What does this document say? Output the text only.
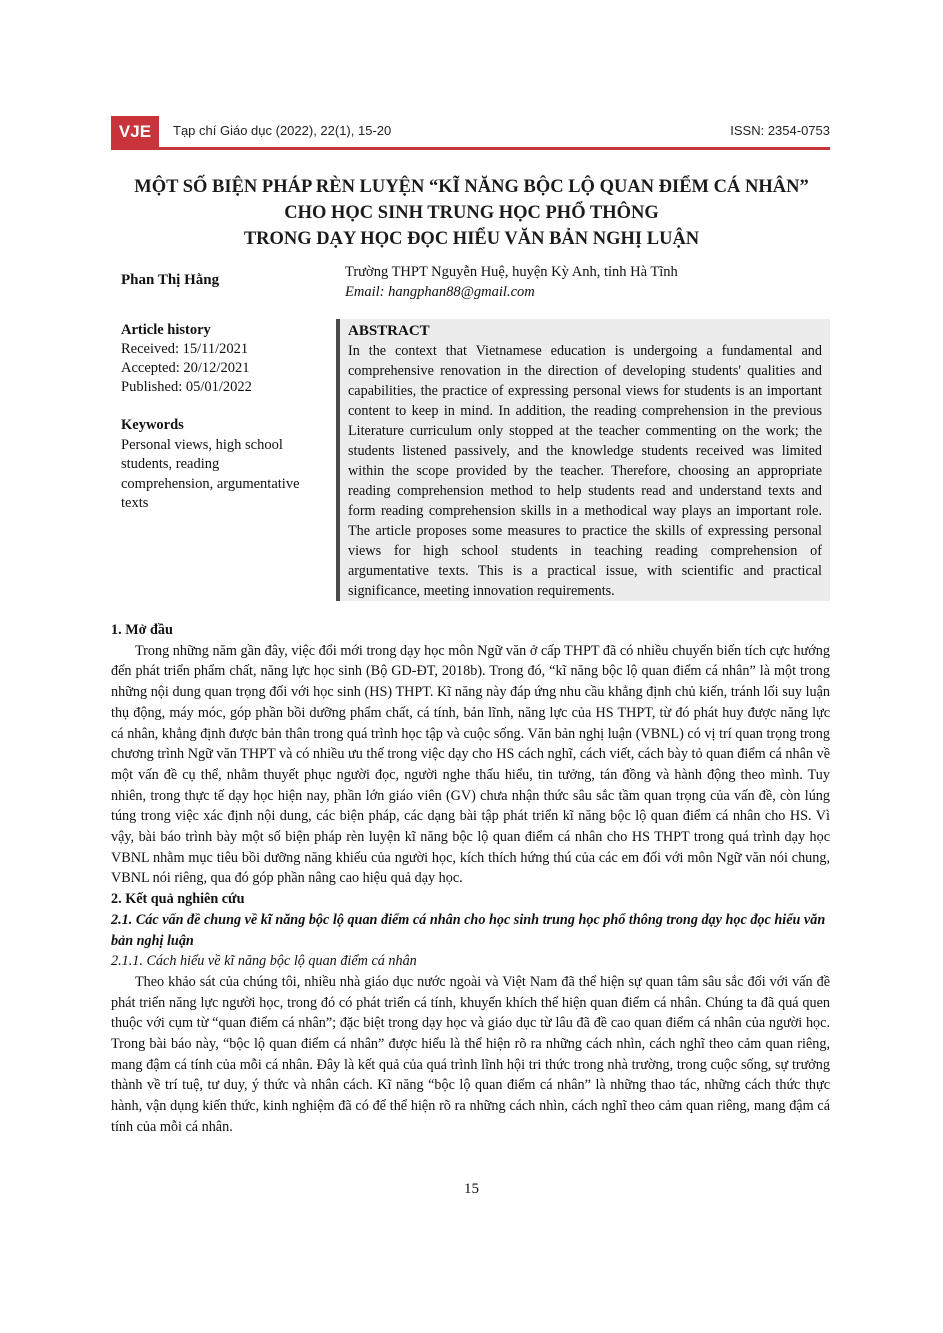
VJE	Tạp chí Giáo dục (2022), 22(1), 15-20	ISSN: 2354-0753
MỘT SỐ BIỆN PHÁP RÈN LUYỆN “KĨ NĂNG BỘC LỘ QUAN ĐIỂM CÁ NHÂN”
CHO HỌC SINH TRUNG HỌC PHỔ THÔNG
TRONG DẠY HỌC ĐỌC HIỂU VĂN BẢN NGHỊ LUẬN
Phan Thị Hằng	Trường THPT Nguyễn Huệ, huyện Kỳ Anh, tỉnh Hà Tĩnh
Email: hangphan88@gmail.com
Article history
Received: 15/11/2021
Accepted: 20/12/2021
Published: 05/01/2022
Keywords
Personal views, high school students, reading comprehension, argumentative texts
ABSTRACT

In the context that Vietnamese education is undergoing a fundamental and comprehensive renovation in the direction of developing students' qualities and capabilities, the practice of expressing personal views for students is an important content to keep in mind. In addition, the reading comprehension in the previous Literature curriculum only stopped at the teacher commenting on the work; the students listened passively, and the knowledge students received was limited within the scope provided by the teacher. Therefore, choosing an appropriate reading comprehension method to help students read and understand texts and form reading comprehension skills in a methodical way plays an important role. The article proposes some measures to practice the skills of expressing personal views for high school students in teaching reading comprehension of argumentative texts. This is a practical issue, with scientific and practical significance, meeting innovation requirements.

1. Mở đầu

Trong những năm gần đây, việc đổi mới trong dạy học môn Ngữ văn ở cấp THPT đã có nhiều chuyển biến tích cực hướng đến phát triển phẩm chất, năng lực học sinh (Bộ GD-ĐT, 2018b). Trong đó, “kĩ năng bộc lộ quan điểm cá nhân” là một trong những nội dung quan trọng đối với học sinh (HS) THPT. Kĩ năng này đáp ứng nhu cầu khẳng định chủ kiến, tránh lối suy luận thụ động, máy móc, góp phần bồi dưỡng phẩm chất, cá tính, bản lĩnh, năng lực của HS THPT, từ đó phát huy được năng lực cá nhân, khẳng định được bản thân trong quá trình học tập và cuộc sống. Văn bản nghị luận (VBNL) có vị trí quan trọng trong chương trình Ngữ văn THPT và có nhiều ưu thế trong việc dạy cho HS cách nghĩ, cách viết, cách bày tỏ quan điểm cá nhân về một vấn đề cụ thể, nhằm thuyết phục người đọc, người nghe thấu hiểu, tin tưởng, tán đồng và hành động theo mình. Tuy nhiên, trong thực tế dạy học hiện nay, phần lớn giáo viên (GV) chưa nhận thức sâu sắc tầm quan trọng của vấn đề, còn lúng túng trong việc xác định nội dung, các biện pháp, các dạng bài tập phát triển kĩ năng bộc lộ quan điểm cá nhân cho HS. Vì vậy, bài báo trình bày một số biện pháp rèn luyện kĩ năng bộc lộ quan điểm cá nhân cho HS THPT trong quá trình dạy học VBNL nhằm mục tiêu bồi dưỡng năng khiếu của người học, kích thích hứng thú của các em đối với môn Ngữ văn nói chung, VBNL nói riêng, qua đó góp phần nâng cao hiệu quả dạy học.

2. Kết quả nghiên cứu
2.1. Các vấn đề chung về kĩ năng bộc lộ quan điểm cá nhân cho học sinh trung học phổ thông trong dạy học đọc hiểu văn bản nghị luận
2.1.1. Cách hiểu về kĩ năng bộc lộ quan điểm cá nhân

Theo khảo sát của chúng tôi, nhiều nhà giáo dục nước ngoài và Việt Nam đã thể hiện sự quan tâm sâu sắc đối với vấn đề phát triển năng lực người học, trong đó có phát triển cá tính, khuyến khích thể hiện quan điểm cá nhân. Chúng ta đã quá quen thuộc với cụm từ “quan điểm cá nhân”; đặc biệt trong dạy học và giáo dục từ lâu đã đề cao quan điểm cá nhân của người học. Trong bài báo này, “bộc lộ quan điểm cá nhân” được hiểu là thể hiện rõ ra những cách nhìn, cách nghĩ theo cảm quan riêng, mang đậm cá tính của mỗi cá nhân. Đây là kết quả của quá trình lĩnh hội tri thức trong nhà trường, trong cuộc sống, sự trưởng thành về trí tuệ, tư duy, ý thức và nhân cách. Kĩ năng “bộc lộ quan điểm cá nhân” là những thao tác, những cách thức thực hành, vận dụng kiến thức, kinh nghiệm đã có để thể hiện rõ ra những cách nhìn, cách nghĩ theo cảm quan riêng, mang đậm cá tính của mỗi cá nhân.

15
